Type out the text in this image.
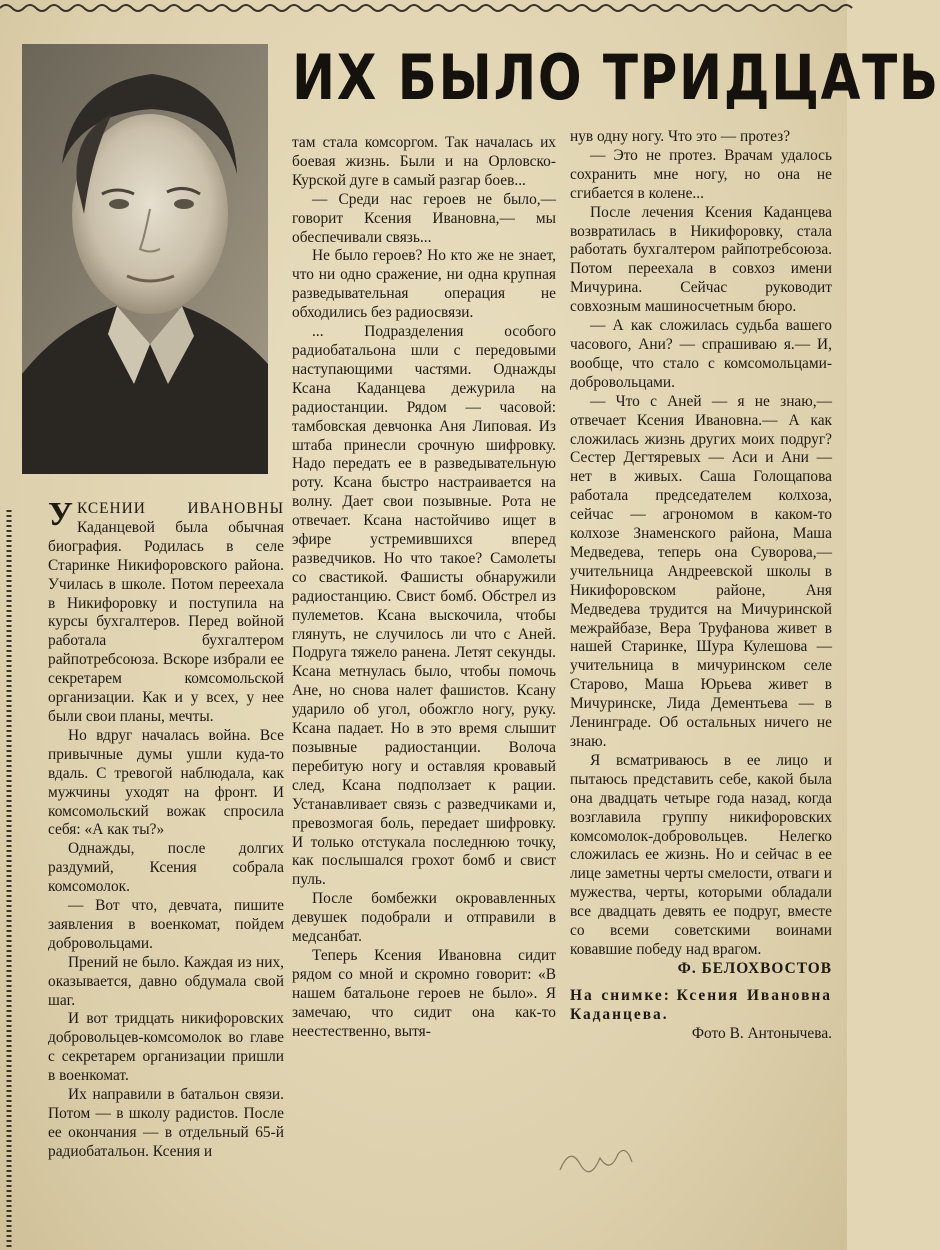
ИХ БЫЛО ТРИДЦАТЬ

УКСЕНИИ ИВАНОВНЫ Каданцевой была обычная биография. Родилась в селе Старинке Никифоровского района. Училась в школе. Потом переехала в Никифоровку и поступила на курсы бухгалтеров. Перед войной работала бухгалтером райпотребсоюза. Вскоре избрали ее секретарем комсомольской организации. Как и у всех, у нее были свои планы, мечты.

Но вдруг началась война. Все привычные думы ушли куда-то вдаль. С тревогой наблюдала, как мужчины уходят на фронт. И комсомольский вожак спросила себя: «А как ты?»

Однажды, после долгих раздумий, Ксения собрала комсомолок.

— Вот что, девчата, пишите заявления в военкомат, пойдем добровольцами.

Прений не было. Каждая из них, оказывается, давно обдумала свой шаг.

И вот тридцать никифоровских добровольцев-комсомолок во главе с секретарем организации пришли в военкомат.

Их направили в батальон связи. Потом — в школу радистов. После ее окончания — в отдельный 65-й радиобатальон. Ксения и

там стала комсоргом. Так началась их боевая жизнь. Были и на Орловско-Курской дуге в самый разгар боев...

— Среди нас героев не было,— говорит Ксения Ивановна,— мы обеспечивали связь...

Не было героев? Но кто же не знает, что ни одно сражение, ни одна крупная разведывательная операция не обходились без радиосвязи.

... Подразделения особого радиобатальона шли с передовыми наступающими частями. Однажды Ксана Каданцева дежурила на радиостанции. Рядом — часовой: тамбовская девчонка Аня Липовая. Из штаба принесли срочную шифровку. Надо передать ее в разведывательную роту. Ксана быстро настраивается на волну. Дает свои позывные. Рота не отвечает. Ксана настойчиво ищет в эфире устремившихся вперед разведчиков. Но что такое? Самолеты со свастикой. Фашисты обнаружили радиостанцию. Свист бомб. Обстрел из пулеметов. Ксана выскочила, чтобы глянуть, не случилось ли что с Аней. Подруга тяжело ранена. Летят секунды. Ксана метнулась было, чтобы помочь Ане, но снова налет фашистов. Ксану ударило об угол, обожгло ногу, руку. Ксана падает. Но в это время слышит позывные радиостанции. Волоча перебитую ногу и оставляя кровавый след, Ксана подползает к рации. Устанавливает связь с разведчиками и, превозмогая боль, передает шифровку. И только отстукала последнюю точку, как послышался грохот бомб и свист пуль.

После бомбежки окровавленных девушек подобрали и отправили в медсанбат.

Теперь Ксения Ивановна сидит рядом со мной и скромно говорит: «В нашем батальоне героев не было». Я замечаю, что сидит она как-то неестественно, вытя-

нув одну ногу. Что это — протез?

— Это не протез. Врачам удалось сохранить мне ногу, но она не сгибается в колене...

После лечения Ксения Каданцева возвратилась в Никифоровку, стала работать бухгалтером райпотребсоюза. Потом переехала в совхоз имени Мичурина. Сейчас руководит совхозным машиносчетным бюро.

— А как сложилась судьба вашего часового, Ани? — спрашиваю я.— И, вообще, что стало с комсомольцами-добровольцами.

— Что с Аней — я не знаю,— отвечает Ксения Ивановна.— А как сложилась жизнь других моих подруг? Сестер Дегтяревых — Аси и Ани — нет в живых. Саша Голощапова работала председателем колхоза, сейчас — агрономом в каком-то колхозе Знаменского района, Маша Медведева, теперь она Суворова,— учительница Андреевской школы в Никифоровском районе, Аня Медведева трудится на Мичуринской межрайбазе, Вера Труфанова живет в нашей Старинке, Шура Кулешова — учительница в мичуринском селе Старово, Маша Юрьева живет в Мичуринске, Лида Дементьева — в Ленинграде. Об остальных ничего не знаю.

Я всматриваюсь в ее лицо и пытаюсь представить себе, какой была она двадцать четыре года назад, когда возглавила группу никифоровских комсомолок-добровольцев. Нелегко сложилась ее жизнь. Но и сейчас в ее лице заметны черты смелости, отваги и мужества, черты, которыми обладали все двадцать девять ее подруг, вместе со всеми советскими воинами ковавшие победу над врагом.

Ф. БЕЛОХВОСТОВ

На снимке: Ксения Ивановна Каданцева.

Фото В. Антонычева.
